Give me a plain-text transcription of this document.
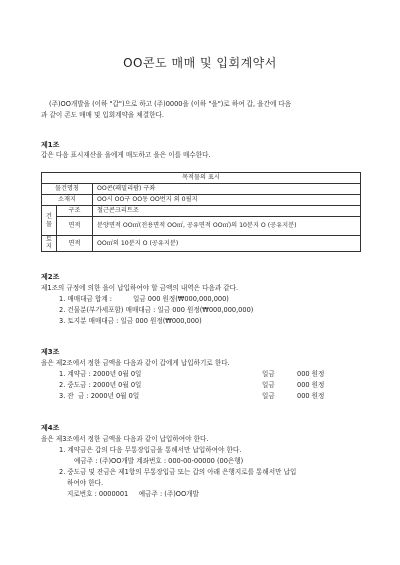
OO콘도 매매 및 입회계약서

(주)OO개발을 (이하 "갑")으로 하고 (주)0000을 (이하 "을")로 하여 갑, 을간에 다음

과 같이 콘도 매매 및 입회계약을 체결한다.

제1조
갑은 다음 표시재산을 을에게 매도하고 을은 이를 매수한다.
목적물의 표시		
물건명칭		OO콘(패밀리팜) 구좌
소재지		OO시 OO구 OO동 OO번지 외 0필지
건물	구조	철근콘크리트조
	면적	분양면적 OO㎡(전용면적 OO㎡, 공유면적 OO㎡)의 10분지 O (공유지분)
토지	면적	OO㎡의 10분지 O (공유지분)
제2조
제1조의 규정에 의한 을이 납입하여야 할 금액의 내역은 다음과 같다.
1. 매매대금 합계 :          일금 000 원정(₩000,000,000)
2. 건물분(부가세포함) 매매대금 : 일금 000 원정(₩000,000,000)
3. 토지분 매매대금 : 일금 000 원정(₩000,000)
제3조
을은 제2조에서 정한 금액을 다음과 같이 갑에게 납입하기로 한다.
1. 계약금 : 2000년 0월 0일	일금	000 원정
2. 중도금 : 2000년 0월 0일	일금	000 원정
3. 잔  금 : 2000년 0월 0일	일금	000 원정
제4조
을은 제3조에서 정한 금액을 다음과 같이 납입하여야 한다.
1. 계약금은 갑의 다음 무통장입금을 통해서만 납입하여야 한다.
예금주 : (주)OO개발 계좌번호 : 000-00-00000 (00은행)
2. 중도금 및 잔금은 제1항의 무통장입금 또는 갑의 아래 은행지로를 통해서만 납입
하여야 한다.
지로번호 : 0000001     예금주 : (주)OO개발
